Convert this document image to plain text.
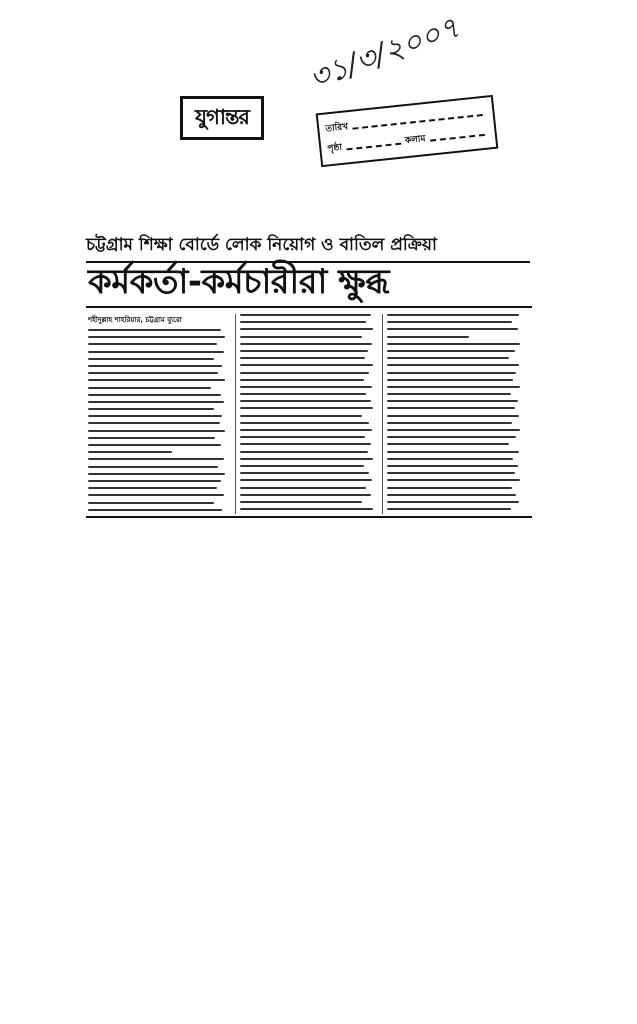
যুগান্তর
৩১/৩/২০০৭
তারিখ
পৃষ্ঠা
কলাম
চট্টগ্রাম শিক্ষা বোর্ডে লোক নিয়োগ ও বাতিল প্রক্রিয়া
কর্মকর্তা-কর্মচারীরা ক্ষুব্ধ
শহীদুল্লাহ শাহরিয়ার, চট্টগ্রাম ব্যুরো
